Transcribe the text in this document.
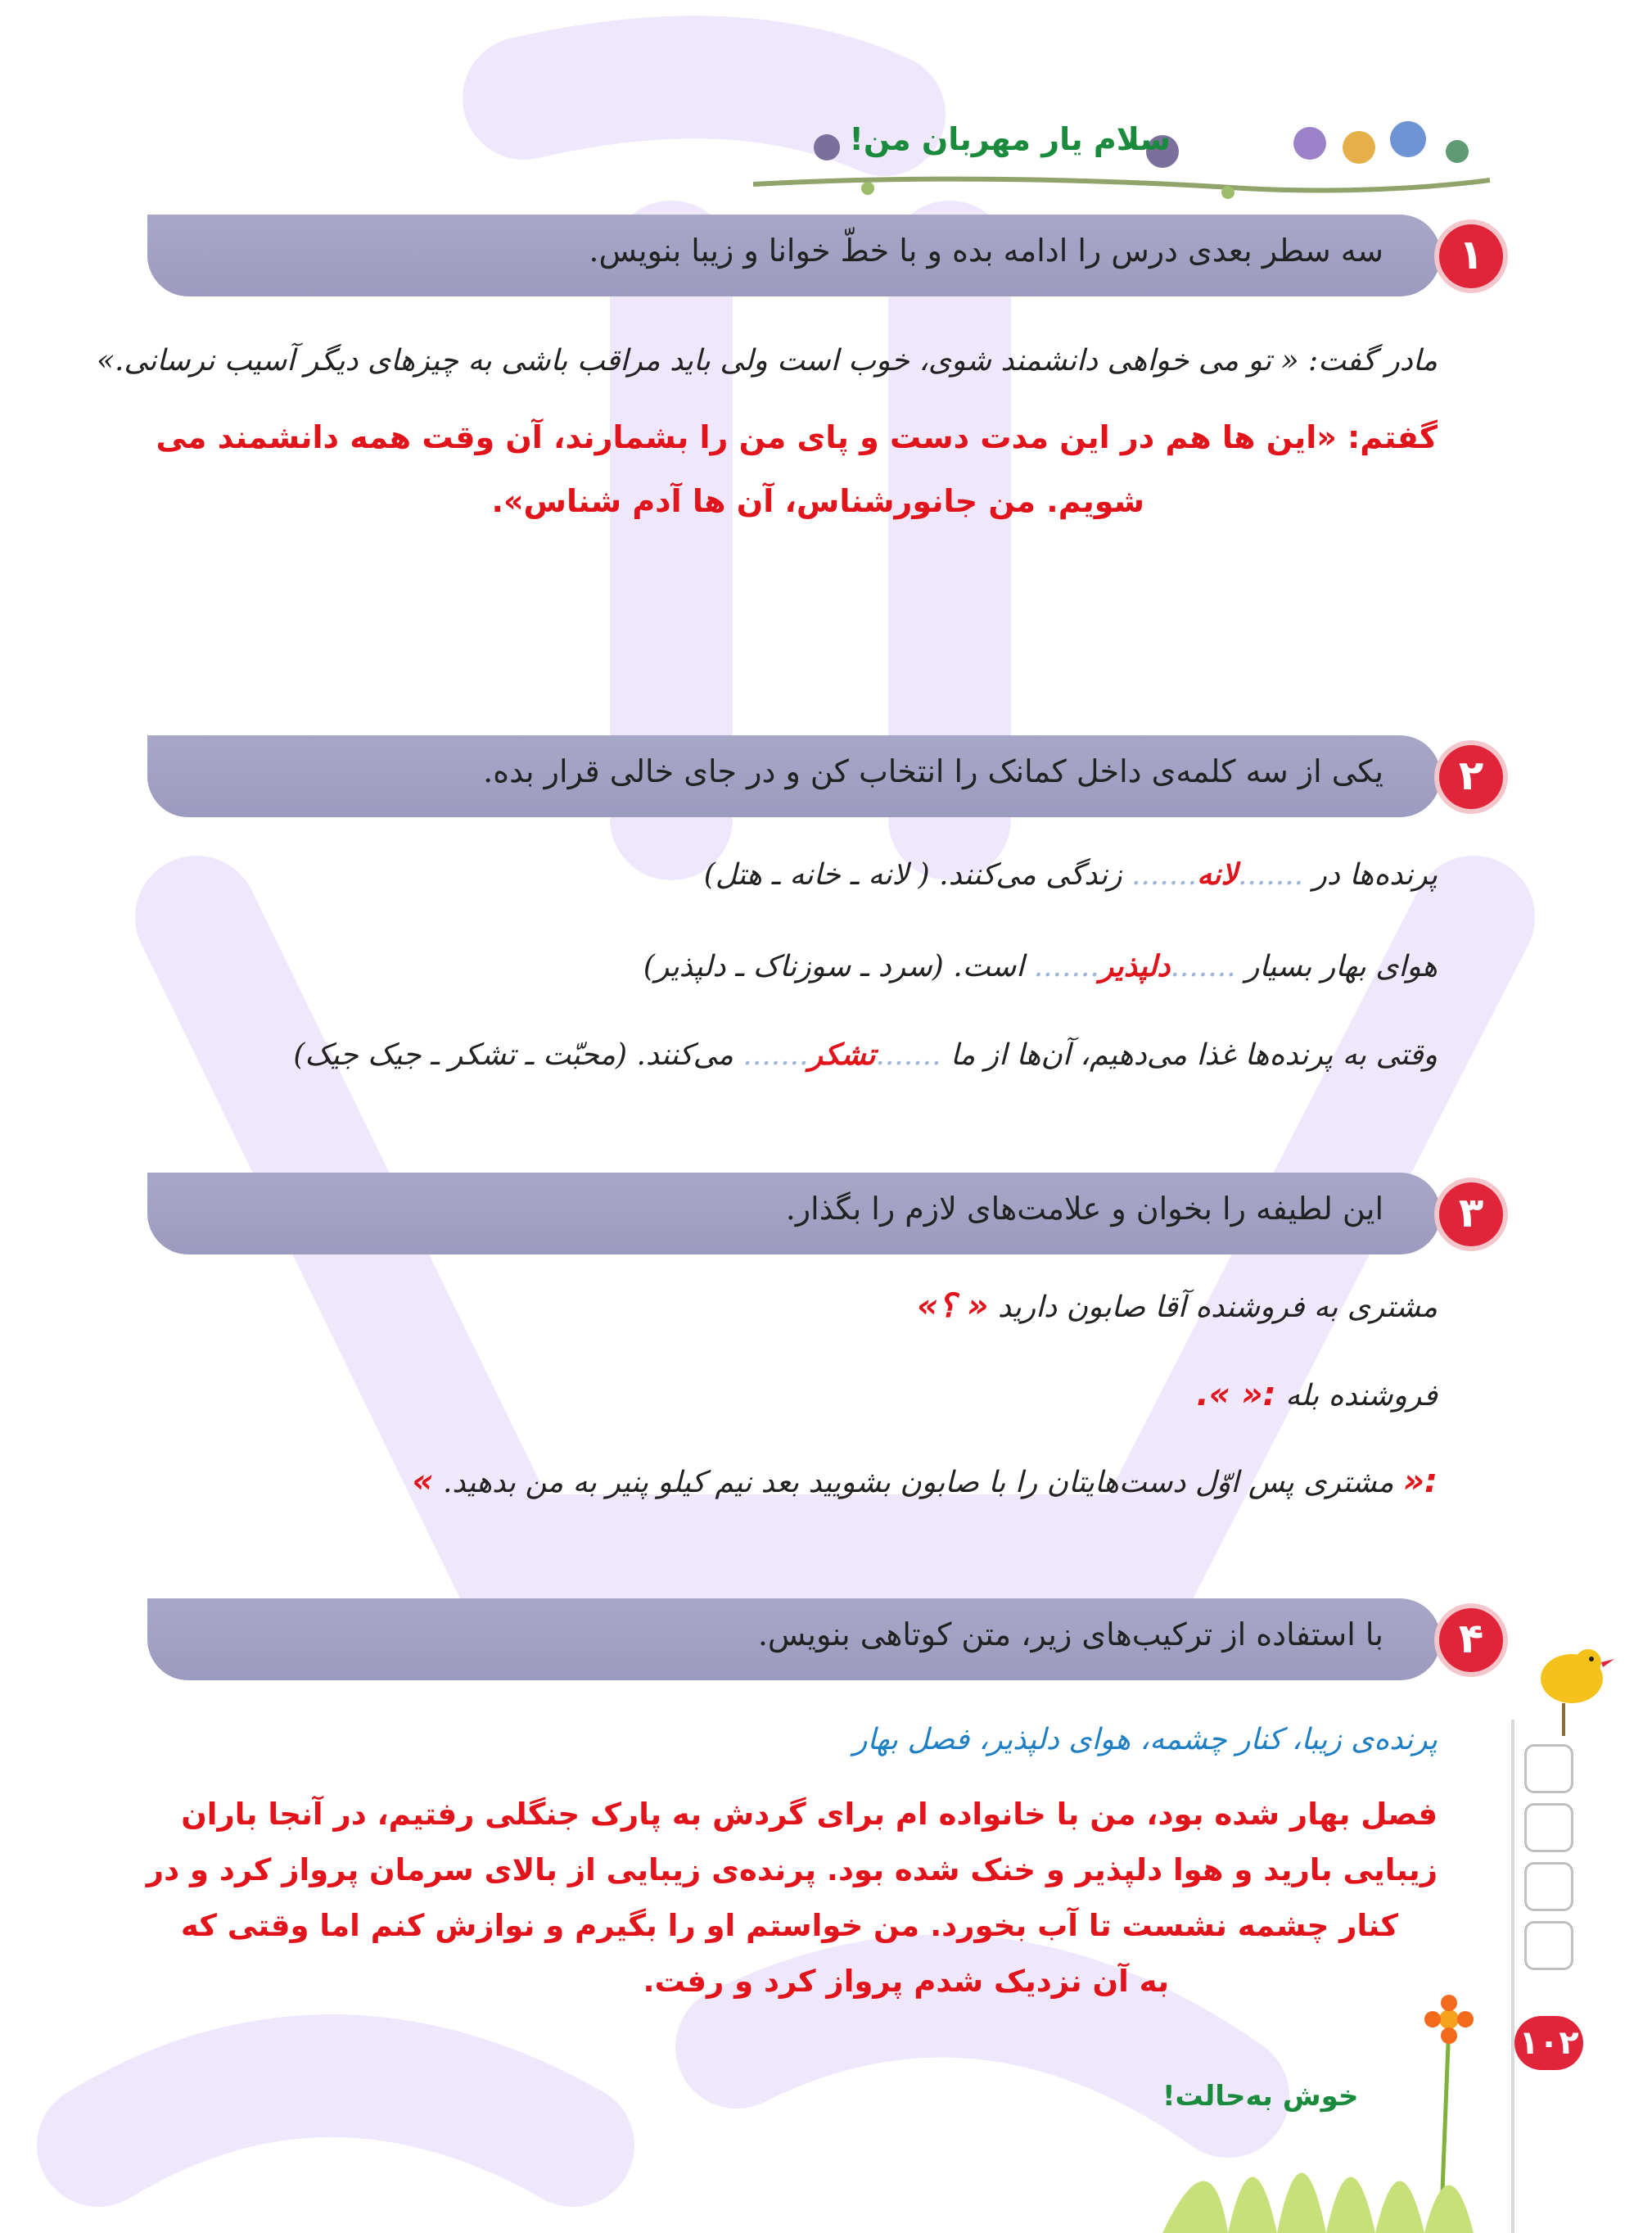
سلام یار مهربان من!
سه سطر بعدی درس را ادامه بده و با خطّ خوانا و زیبا بنویس.	۱
مادر گفت: « تو می خواهی دانشمند شوی، خوب است ولی باید مراقب باشی به چیزهای دیگر آسیب نرسانی.»
گفتم: «این ها هم در این مدت دست و پای من را بشمارند، آن وقت همه دانشمند می
شویم. من جانورشناس، آن ها آدم شناس».
یکی از سه کلمه‌ی داخل کمانک را انتخاب کن و در جای خالی قرار بده.	۲
پرنده‌ها در .......لانه....... زندگی می‌کنند. ( لانه ـ خانه ـ هتل)
هوای بهار بسیار .......دلپذیر....... است. (سرد ـ سوزناک ـ دلپذیر)
وقتی به پرنده‌ها غذا می‌دهیم، آن‌ها از ما .......تشکر....... می‌کنند. (محبّت ـ تشکر ـ جیک جیک)
این لطیفه را بخوان و علامت‌های لازم را بگذار.	۳
مشتری به فروشنده آقا صابون دارید « ؟»
فروشنده بله :« ».
:« مشتری پس اوّل دست‌هایتان را با صابون بشویید بعد نیم کیلو پنیر به من بدهید. »
با استفاده از ترکیب‌های زیر، متن کوتاهی بنویس.	۴
پرنده‌ی زیبا، کنار چشمه، هوای دلپذیر، فصل بهار
فصل بهار شده بود، من با خانواده ام برای گردش به پارک جنگلی رفتیم، در آنجا باران
زیبایی بارید و هوا دلپذیر و خنک شده بود. پرنده‌ی زیبایی از بالای سرمان پرواز کرد و در
کنار چشمه نشست تا آب بخورد. من خواستم او را بگیرم و نوازش کنم اما وقتی که
به آن نزدیک شدم پرواز کرد و رفت.
۱۰۲
خوش به‌حالت!
